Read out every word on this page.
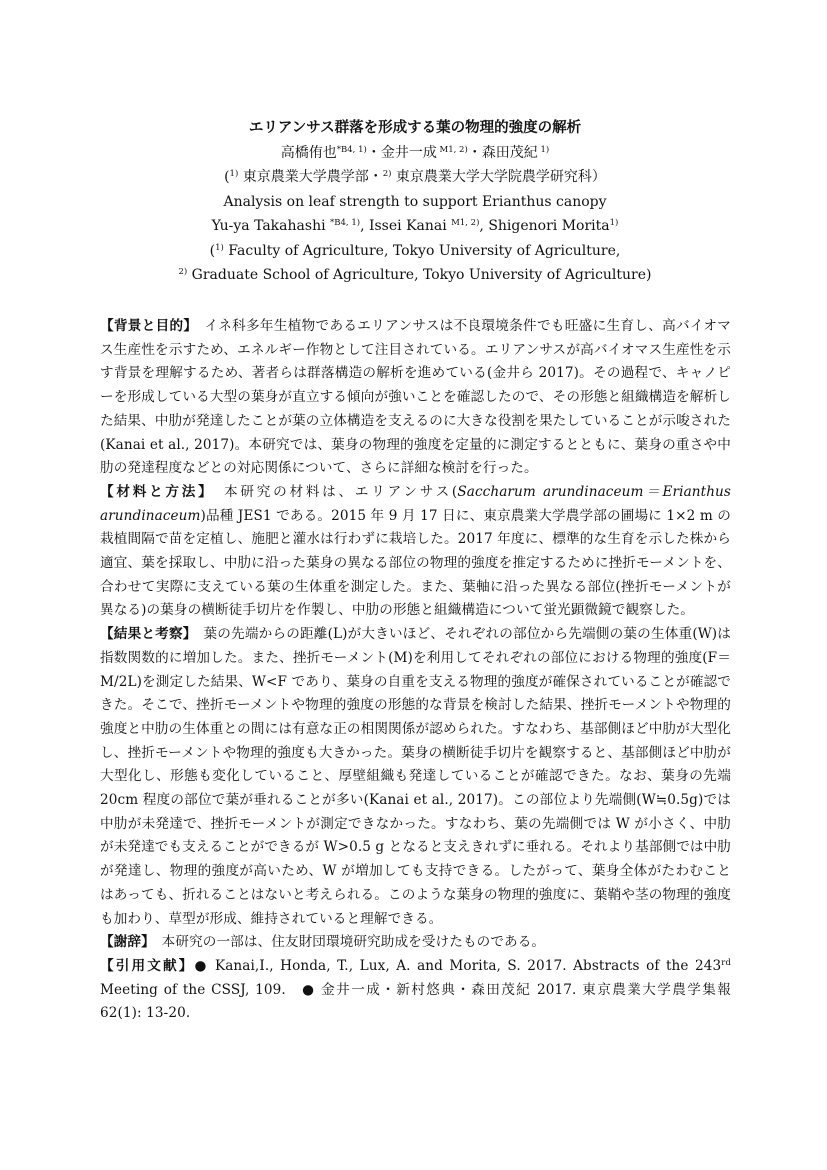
エリアンサス群落を形成する葉の物理的強度の解析
高橋侑也$^{*B4, 1)}$・金井一成 $^{M1, 2)}$・森田茂紀 $^{1)}$
($^{1)}$ 東京農業大学農学部・$^{2)}$ 東京農業大学大学院農学研究科）
Analysis on leaf strength to support Erianthus canopy
Yu-ya Takahashi $^{*B4, 1)}$, Issei Kanai $^{M1, 2)}$, Shigenori Morita$^{1)}$
($^{1)}$ Faculty of Agriculture, Tokyo University of Agriculture,
$^{2)}$ Graduate School of Agriculture, Tokyo University of Agriculture)

【背景と目的】　イネ科多年生植物であるエリアンサスは不良環境条件でも旺盛に生育し、高バイオマス生産性を示すため、エネルギー作物として注目されている。エリアンサスが高バイオマス生産性を示す背景を理解するため、著者らは群落構造の解析を進めている(金井ら 2017)。その過程で、キャノピーを形成している大型の葉身が直立する傾向が強いことを確認したので、その形態と組織構造を解析した結果、中肋が発達したことが葉の立体構造を支えるのに大きな役割を果たしていることが示唆された(Kanai et al., 2017)。本研究では、葉身の物理的強度を定量的に測定するとともに、葉身の重さや中肋の発達程度などとの対応関係について、さらに詳細な検討を行った。

【材料と方法】　本研究の材料は、エリアンサス(Saccharum arundinaceum＝Erianthus arundinaceum)品種 JES1 である。2015 年 9 月 17 日に、東京農業大学農学部の圃場に 1×2 m の栽植間隔で苗を定植し、施肥と灌水は行わずに栽培した。2017 年度に、標準的な生育を示した株から適宜、葉を採取し、中肋に沿った葉身の異なる部位の物理的強度を推定するために挫折モーメントを、合わせて実際に支えている葉の生体重を測定した。また、葉軸に沿った異なる部位(挫折モーメントが異なる)の葉身の横断徒手切片を作製し、中肋の形態と組織構造について蛍光顕微鏡で観察した。

【結果と考察】　葉の先端からの距離(L)が大きいほど、それぞれの部位から先端側の葉の生体重(W)は指数関数的に増加した。また、挫折モーメント(M)を利用してそれぞれの部位における物理的強度(F＝M/2L)を測定した結果、W<F であり、葉身の自重を支える物理的強度が確保されていることが確認できた。そこで、挫折モーメントや物理的強度の形態的な背景を検討した結果、挫折モーメントや物理的強度と中肋の生体重との間には有意な正の相関関係が認められた。すなわち、基部側ほど中肋が大型化し、挫折モーメントや物理的強度も大きかった。葉身の横断徒手切片を観察すると、基部側ほど中肋が大型化し、形態も変化していること、厚壁組織も発達していることが確認できた。なお、葉身の先端 20cm 程度の部位で葉が垂れることが多い(Kanai et al., 2017)。この部位より先端側(W≒0.5g)では中肋が未発達で、挫折モーメントが測定できなかった。すなわち、葉の先端側では W が小さく、中肋が未発達でも支えることができるが W>0.5 g となると支えきれずに垂れる。それより基部側では中肋が発達し、物理的強度が高いため、W が増加しても支持できる。したがって、葉身全体がたわむことはあっても、折れることはないと考えられる。このような葉身の物理的強度に、葉鞘や茎の物理的強度も加わり、草型が形成、維持されていると理解できる。

【謝辞】　本研究の一部は、住友財団環境研究助成を受けたものである。

【引用文献】● Kanai,I., Honda, T., Lux, A. and Morita, S. 2017. Abstracts of the 243rd Meeting of the CSSJ, 109.　● 金井一成・新村悠典・森田茂紀 2017. 東京農業大学農学集報 62(1): 13-20.
